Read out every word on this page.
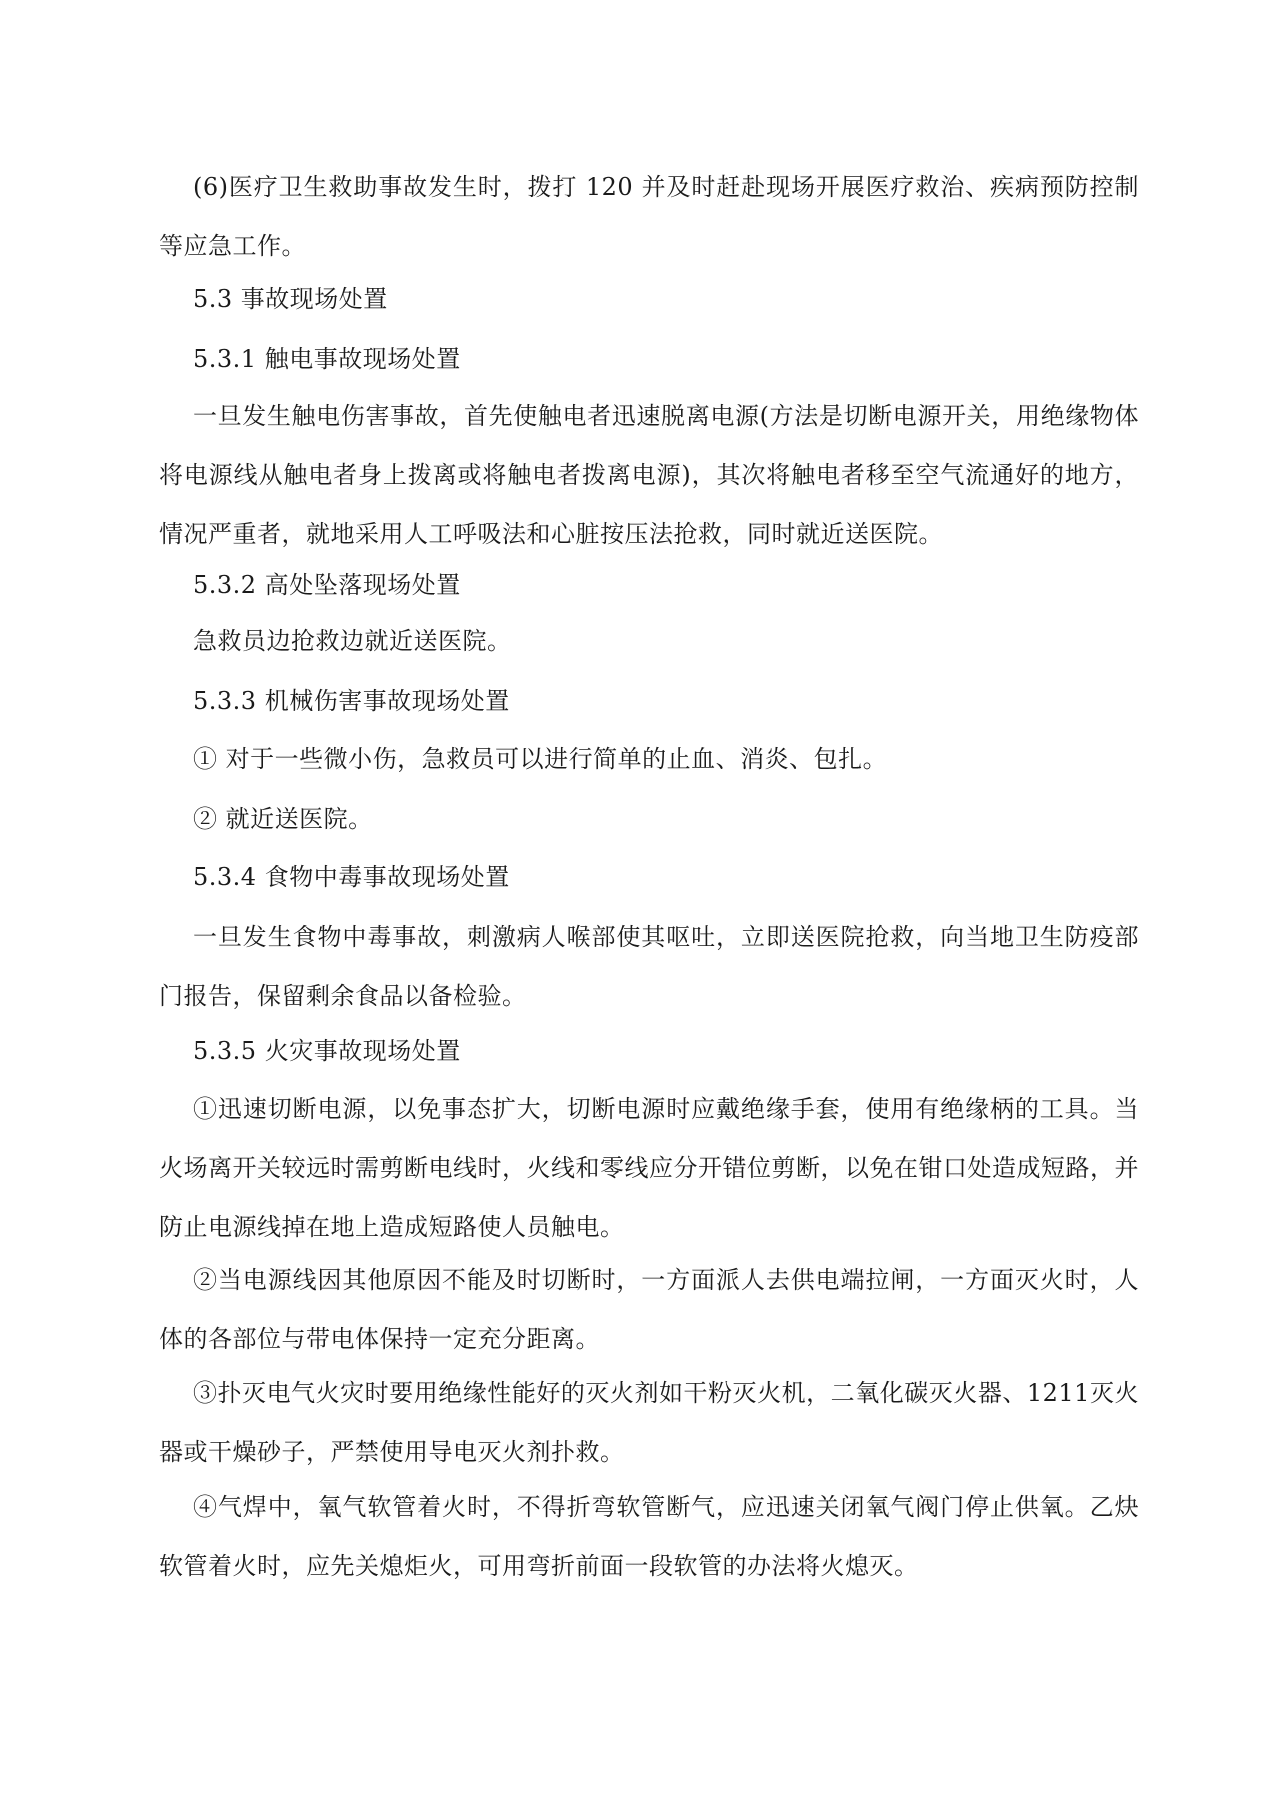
(6)医疗卫生救助事故发生时，拨打 120 并及时赶赴现场开展医疗救治、疾病预防控制等应急工作。

5.3 事故现场处置

5.3.1 触电事故现场处置

一旦发生触电伤害事故，首先使触电者迅速脱离电源(方法是切断电源开关，用绝缘物体将电源线从触电者身上拨离或将触电者拨离电源)，其次将触电者移至空气流通好的地方，情况严重者，就地采用人工呼吸法和心脏按压法抢救，同时就近送医院。

5.3.2 高处坠落现场处置

急救员边抢救边就近送医院。

5.3.3 机械伤害事故现场处置

① 对于一些微小伤，急救员可以进行简单的止血、消炎、包扎。

② 就近送医院。

5.3.4 食物中毒事故现场处置

一旦发生食物中毒事故，刺激病人喉部使其呕吐，立即送医院抢救，向当地卫生防疫部门报告，保留剩余食品以备检验。

5.3.5 火灾事故现场处置

①迅速切断电源，以免事态扩大，切断电源时应戴绝缘手套，使用有绝缘柄的工具。当火场离开关较远时需剪断电线时，火线和零线应分开错位剪断，以免在钳口处造成短路，并防止电源线掉在地上造成短路使人员触电。

②当电源线因其他原因不能及时切断时，一方面派人去供电端拉闸，一方面灭火时，人体的各部位与带电体保持一定充分距离。

③扑灭电气火灾时要用绝缘性能好的灭火剂如干粉灭火机，二氧化碳灭火器、1211灭火器或干燥砂子，严禁使用导电灭火剂扑救。

④气焊中，氧气软管着火时，不得折弯软管断气，应迅速关闭氧气阀门停止供氧。乙炔软管着火时，应先关熄炬火，可用弯折前面一段软管的办法将火熄灭。
